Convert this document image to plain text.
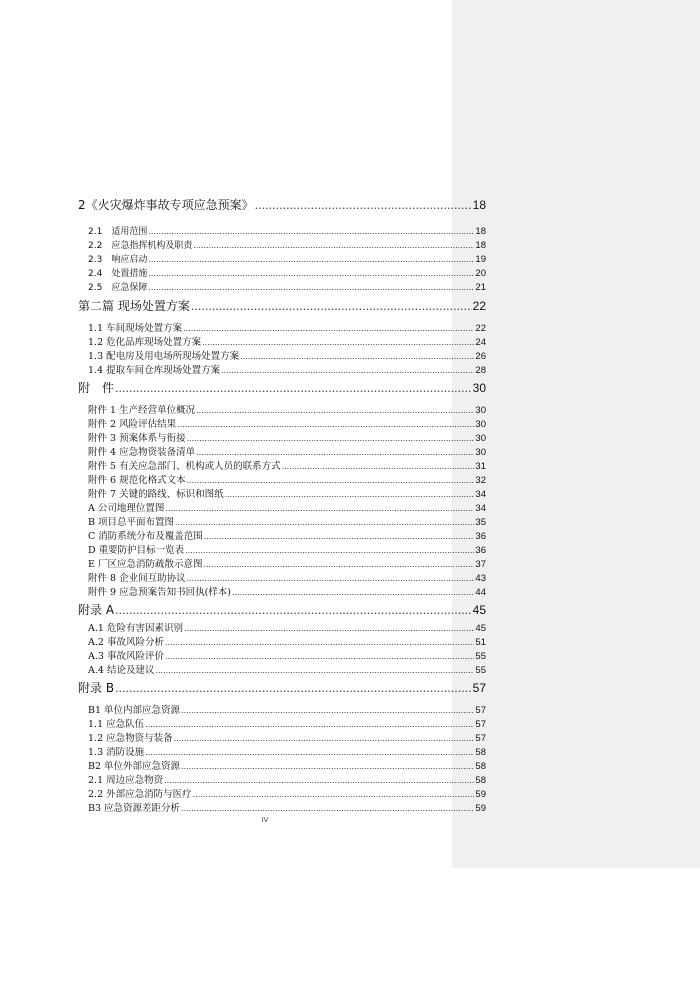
2《火灾爆炸事故专项应急预案》 .....	18
2.1　适用范围 .....	18
2.2　应急指挥机构及职责 .....	18
2.3　响应启动 .....	19
2.4　处置措施 .....	20
2.5　应急保障 .....	21
第二篇 现场处置方案 .....	22
1.1 车间现场处置方案 .....	22
1.2 危化品库现场处置方案 .....	24
1.3 配电房及用电场所现场处置方案 .....	26
1.4 提取车间仓库现场处置方案 .....	28
附　件 .....	30
附件 1 生产经营单位概况 .....	30
附件 2 风险评估结果 .....	30
附件 3 预案体系与衔接 .....	30
附件 4 应急物资装备清单 .....	30
附件 5 有关应急部门、机构或人员的联系方式 .....	31
附件 6 规范化格式文本 .....	32
附件 7 关键的路线、标识和图纸 .....	34
A 公司地理位置图 .....	34
B 项目总平面布置图 .....	35
C 消防系统分布及覆盖范围 .....	36
D 重要防护目标一览表 .....	36
E 厂区应急消防疏散示意图 .....	37
附件 8 企业间互助协议 .....	43
附件 9 应急预案告知书回执(样本) .....	44
附录 A .....	45
A.1 危险有害因素识别 .....	45
A.2 事故风险分析 .....	51
A.3 事故风险评价 .....	55
A.4 结论及建议 .....	55
附录 B .....	57
B1 单位内部应急资源 .....	57
1.1 应急队伍 .....	57
1.2 应急物资与装备 .....	57
1.3 消防设施 .....	58
B2 单位外部应急资源 .....	58
2.1 周边应急物资 .....	58
2.2 外部应急消防与医疗 .....	59
B3 应急资源差距分析 .....	59
IV
